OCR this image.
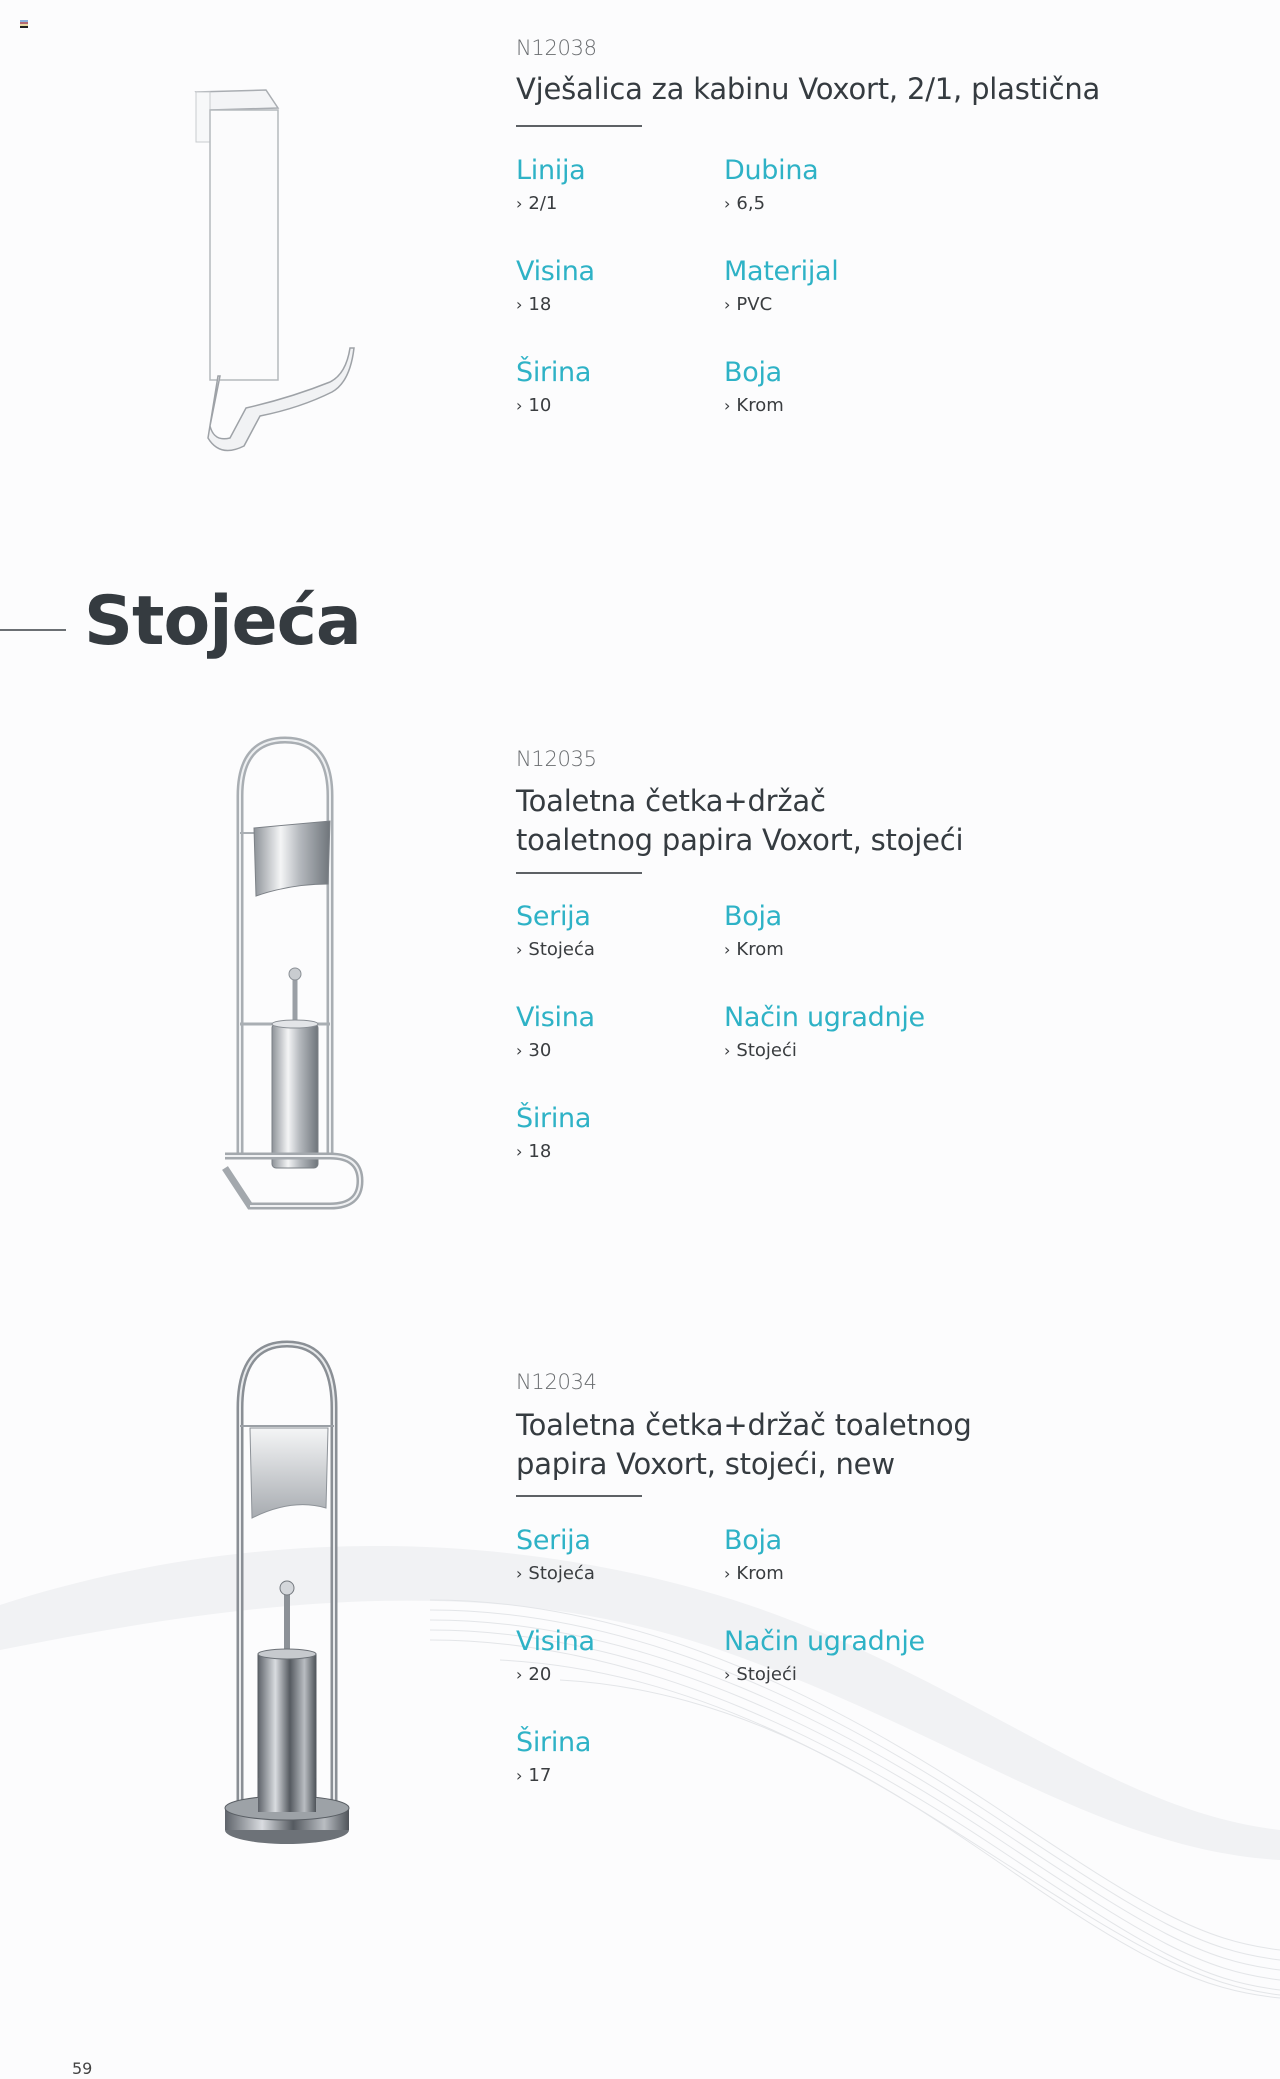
N12038
Vješalica za kabinu Voxort, 2/1, plastična
Linija
› 2/1
Dubina
› 6,5
Visina
› 18
Materijal
› PVC
Širina
› 10
Boja
› Krom
Stojeća
N12035
Toaletna četka+držač
toaletnog papira Voxort, stojeći
Serija
› Stojeća
Boja
› Krom
Visina
› 30
Način ugradnje
› Stojeći
Širina
› 18
N12034
Toaletna četka+držač toaletnog
papira Voxort, stojeći, new
Serija
› Stojeća
Boja
› Krom
Visina
› 20
Način ugradnje
› Stojeći
Širina
› 17
59
